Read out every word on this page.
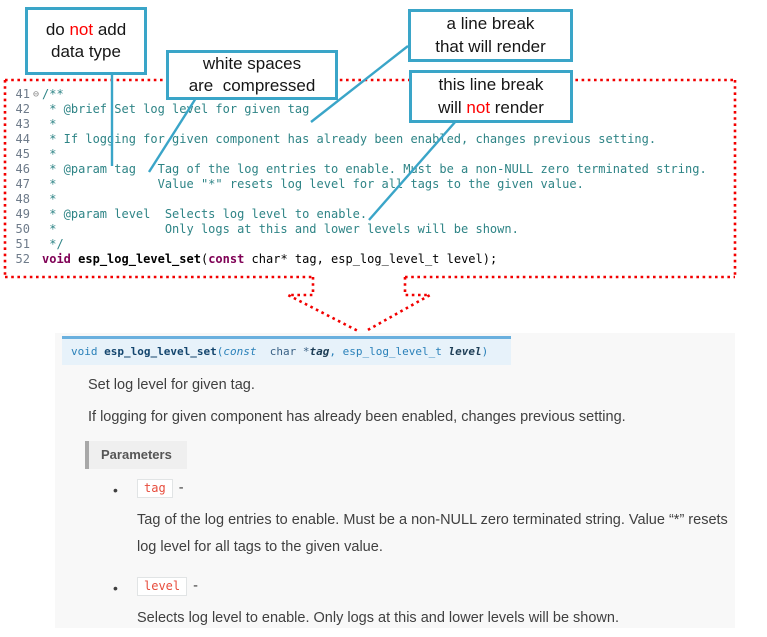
do not add
data type
white spaces
are  compressed
a line break
that will render
this line break
will not render
41 ⊖ /**
42 * @brief Set log level for given tag
43 *
44 * If logging for given component has already been enabled, changes previous setting.
45 *
46 * @param tag   Tag of the log entries to enable. Must be a non-NULL zero terminated string.
47 *              Value "*" resets log level for all tags to the given value.
48 *
49 * @param level  Selects log level to enable.
50 *               Only logs at this and lower levels will be shown.
51 */
52 void esp_log_level_set(const char* tag, esp_log_level_t level);
void esp_log_level_set(const  char *tag, esp_log_level_t level)
Set log level for given tag.
If logging for given component has already been enabled, changes previous setting.
Parameters
•	tag -
Tag of the log entries to enable. Must be a non-NULL zero terminated string. Value “*” resets log level for all tags to the given value.
•	level -
Selects log level to enable. Only logs at this and lower levels will be shown.
